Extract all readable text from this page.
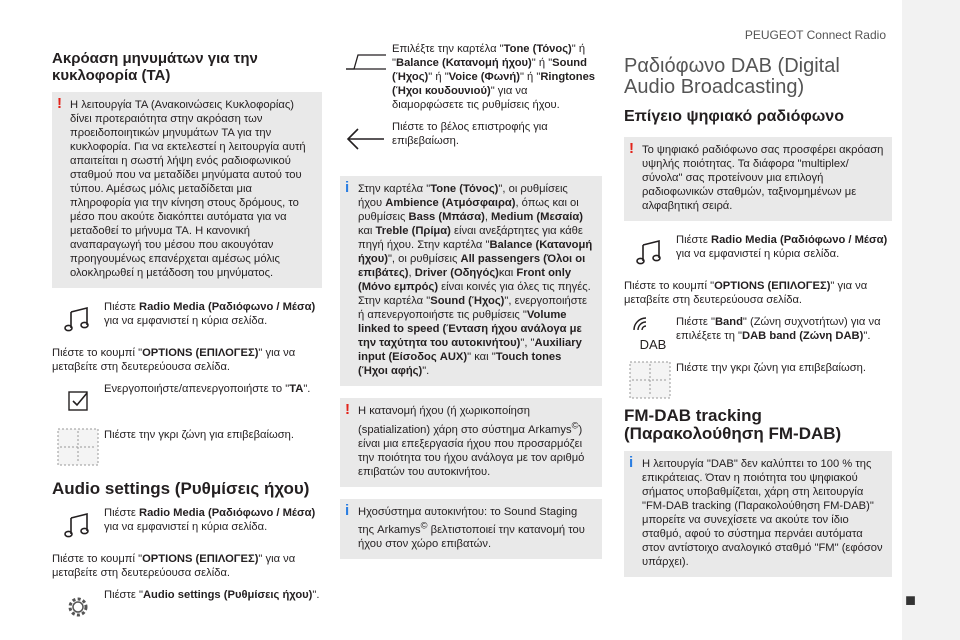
PEUGEOT Connect Radio
Ακρόαση μηνυμάτων για την κυκλοφορία (TA)
! Η λειτουργία TA (Ανακοινώσεις Κυκλοφορίας) δίνει προτεραιότητα στην ακρόαση των προειδοποιητικών μηνυμάτων TA για την κυκλοφορία. Για να εκτελεστεί η λειτουργία αυτή απαιτείται η σωστή λήψη ενός ραδιοφωνικού σταθμού που να μεταδίδει μηνύματα αυτού του τύπου. Αμέσως μόλις μεταδίδεται μια πληροφορία για την κίνηση στους δρόμους, το μέσο που ακούτε διακόπτει αυτόματα για να μεταδοθεί το μήνυμα TA. Η κανονική αναπαραγωγή του μέσου που ακουγόταν προηγουμένως επανέρχεται αμέσως μόλις ολοκληρωθεί η μετάδοση του μηνύματος.
Πιέστε Radio Media (Ραδιόφωνο / Μέσα) για να εμφανιστεί η κύρια σελίδα.
Πιέστε το κουμπί "OPTIONS (ΕΠΙΛΟΓΕΣ)" για να μεταβείτε στη δευτερεύουσα σελίδα.
Ενεργοποιήστε/απενεργοποιήστε το "TA".
Πιέστε την γκρι ζώνη για επιβεβαίωση.
Audio settings (Ρυθμίσεις ήχου)
Πιέστε Radio Media (Ραδιόφωνο / Μέσα) για να εμφανιστεί η κύρια σελίδα.
Πιέστε το κουμπί "OPTIONS (ΕΠΙΛΟΓΕΣ)" για να μεταβείτε στη δευτερεύουσα σελίδα.
Πιέστε "Audio settings (Ρυθμίσεις ήχου)".
Επιλέξτε την καρτέλα "Tone (Τόνος)" ή "Balance (Κατανομή ήχου)" ή "Sound (Ήχος)" ή "Voice (Φωνή)" ή "Ringtones (Ήχοι κουδουνιού)" για να διαμορφώσετε τις ρυθμίσεις ήχου.
Πιέστε το βέλος επιστροφής για επιβεβαίωση.
i Στην καρτέλα "Tone (Τόνος)", οι ρυθμίσεις ήχου Ambience (Ατμόσφαιρα), όπως και οι ρυθμίσεις Bass (Μπάσα), Medium (Μεσαία) και Treble (Πρίμα) είναι ανεξάρτητες για κάθε πηγή ήχου. Στην καρτέλα "Balance (Κατανομή ήχου)", οι ρυθμίσεις All passengers (Όλοι οι επιβάτες), Driver (Οδηγός)και Front only (Μόνο εμπρός) είναι κοινές για όλες τις πηγές. Στην καρτέλα "Sound (Ήχος)", ενεργοποιήστε ή απενεργοποιήστε τις ρυθμίσεις "Volume linked to speed (Ένταση ήχου ανάλογα με την ταχύτητα του αυτοκινήτου)", "Auxiliary input (Είσοδος AUX)" και "Touch tones (Ήχοι αφής)".
! Η κατανομή ήχου (ή χωρικοποίηση (spatialization) χάρη στο σύστημα Arkamys©) είναι μια επεξεργασία ήχου που προσαρμόζει την ποιότητα του ήχου ανάλογα με τον αριθμό επιβατών του αυτοκινήτου.
i Ηχοσύστημα αυτοκινήτου: το Sound Staging της Arkamys© βελτιστοποιεί την κατανομή του ήχου στον χώρο επιβατών.
Ραδιόφωνο DAB (Digital Audio Broadcasting)
Επίγειο ψηφιακό ραδιόφωνο
! Το ψηφιακό ραδιόφωνο σας προσφέρει ακρόαση υψηλής ποιότητας. Τα διάφορα "multiplex/σύνολα" σας προτείνουν μια επιλογή ραδιοφωνικών σταθμών, ταξινομημένων με αλφαβητική σειρά.
Πιέστε Radio Media (Ραδιόφωνο / Μέσα) για να εμφανιστεί η κύρια σελίδα.
Πιέστε το κουμπί "OPTIONS (ΕΠΙΛΟΓΕΣ)" για να μεταβείτε στη δευτερεύουσα σελίδα.
DAB
Πιέστε "Band" (Ζώνη συχνοτήτων) για να επιλέξετε τη "DAB band (Ζώνη DAB)".
Πιέστε την γκρι ζώνη για επιβεβαίωση.
FM-DAB tracking (Παρακολούθηση FM-DAB)
i Η λειτουργία "DAB" δεν καλύπτει το 100 % της επικράτειας. Όταν η ποιότητα του ψηφιακού σήματος υποβαθμίζεται, χάρη στη λειτουργία "FM-DAB tracking (Παρακολούθηση FM-DAB)" μπορείτε να συνεχίσετε να ακούτε τον ίδιο σταθμό, αφού το σύστημα περνάει αυτόματα στον αντίστοιχο αναλογικό σταθμό "FM" (εφόσον υπάρχει).
■
